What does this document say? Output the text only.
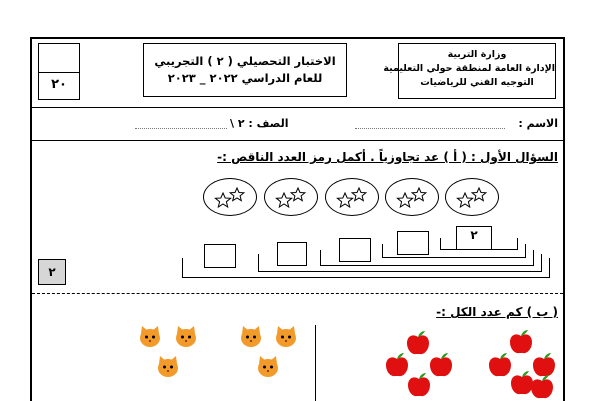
٢٠
الاختبار التحصيلي ( ٢ ) التجريبي
للعام الدراسي ٢٠٢٢ _ ٢٠٢٣
وزارة التربية
الإدارة العامة لمنطقة حولي التعليمية
التوجيه الفني للرياضيات
الاسم :
الصف : ٢ \
السؤال الأول : ( أ ) عد تجاوزياً . أكمل رمز العدد الناقص :-
٢
٢
( ب ) كم عدد الكل :-
